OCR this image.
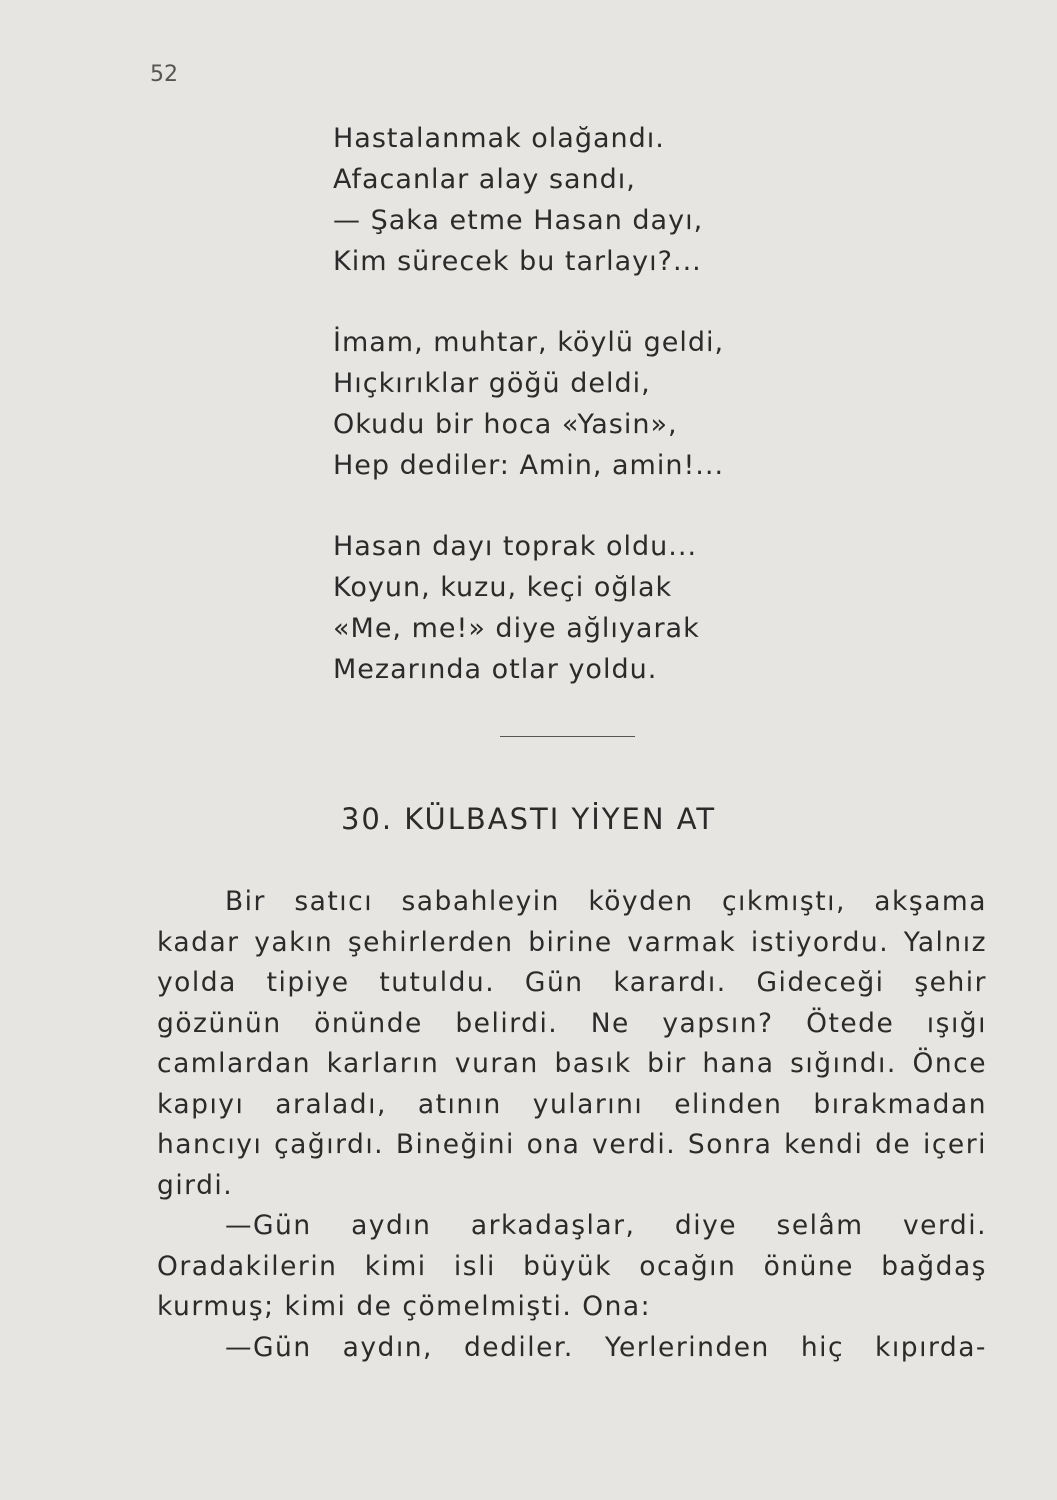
52
Hastalanmak olağandı.
Afacanlar alay sandı,
— Şaka etme Hasan dayı,
Kim sürecek bu tarlayı?...
İmam, muhtar, köylü geldi,
Hıçkırıklar göğü deldi,
Okudu bir hoca «Yasin»,
Hep dediler: Amin, amin!...
Hasan dayı toprak oldu...
Koyun, kuzu, keçi oğlak
«Me, me!» diye ağlıyarak
Mezarında otlar yoldu.
30. KÜLBASTI YİYEN AT

Bir satıcı sabahleyin köyden çıkmıştı, akşama kadar yakın şehirlerden birine varmak istiyordu. Yalnız yolda tipiye tutuldu. Gün karardı. Gideceği şehir gözünün önünde belirdi. Ne yapsın? Ötede ışığı camlardan karların vuran basık bir hana sığındı. Önce kapıyı araladı, atının yularını elinden bırakmadan hancıyı çağırdı. Bineğini ona verdi. Sonra kendi de içeri girdi.

—Gün aydın arkadaşlar, diye selâm verdi. Oradakilerin kimi isli büyük ocağın önüne bağdaş kurmuş; kimi de çömelmişti. Ona:

—Gün aydın, dediler. Yerlerinden hiç kıpırda-
